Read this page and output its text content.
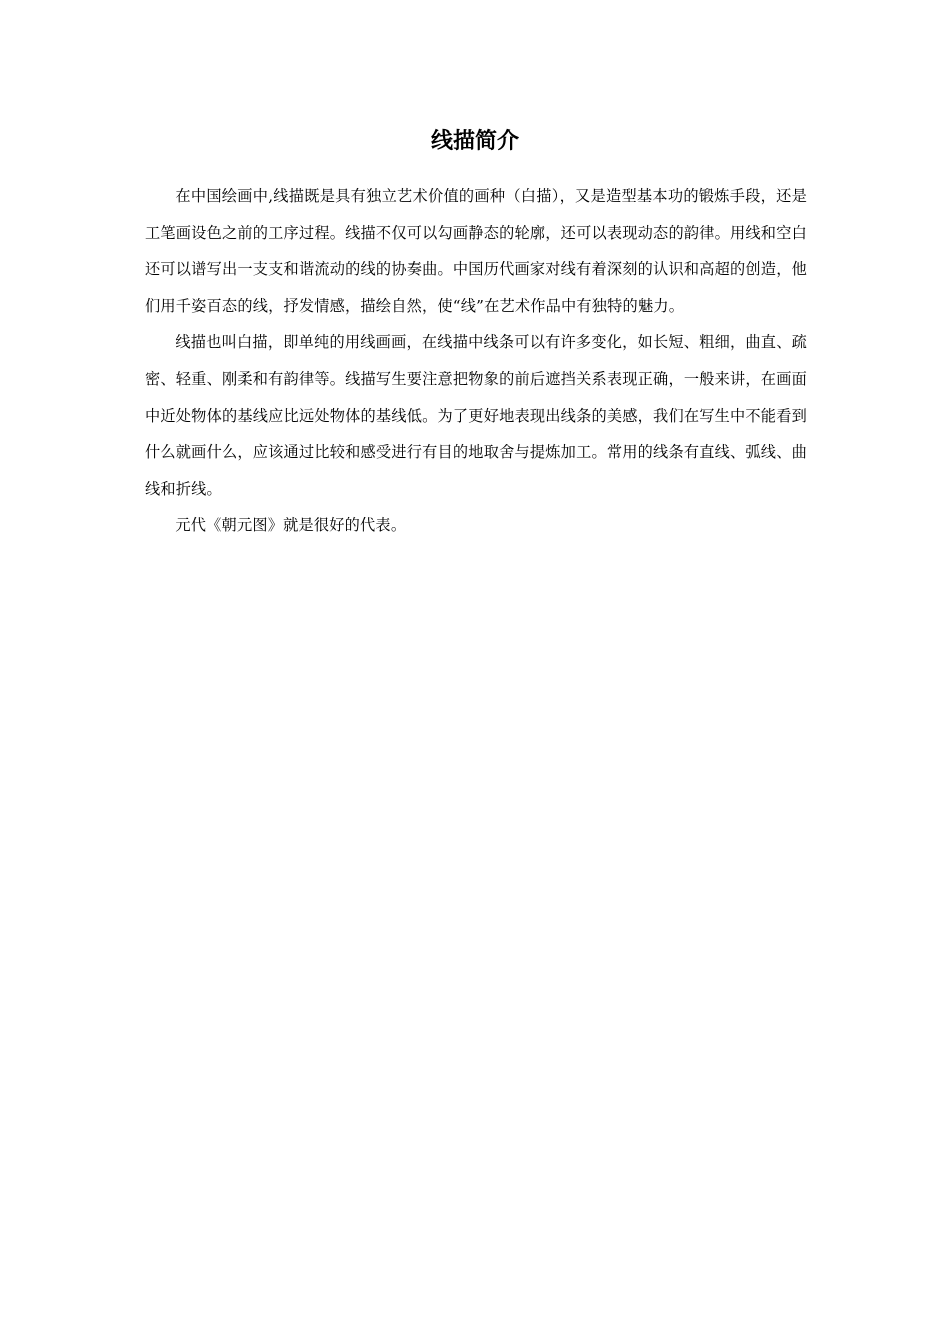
线描简介

在中国绘画中,线描既是具有独立艺术价值的画种（白描），又是造型基本功的锻炼手段，还是工笔画设色之前的工序过程。线描不仅可以勾画静态的轮廓，还可以表现动态的韵律。用线和空白还可以谱写出一支支和谐流动的线的协奏曲。中国历代画家对线有着深刻的认识和高超的创造，他们用千姿百态的线，抒发情感，描绘自然，使“线”在艺术作品中有独特的魅力。

线描也叫白描，即单纯的用线画画，在线描中线条可以有许多变化，如长短、粗细，曲直、疏密、轻重、刚柔和有韵律等。线描写生要注意把物象的前后遮挡关系表现正确，一般来讲，在画面中近处物体的基线应比远处物体的基线低。为了更好地表现出线条的美感，我们在写生中不能看到什么就画什么，应该通过比较和感受进行有目的地取舍与提炼加工。常用的线条有直线、弧线、曲线和折线。

元代《朝元图》就是很好的代表。
